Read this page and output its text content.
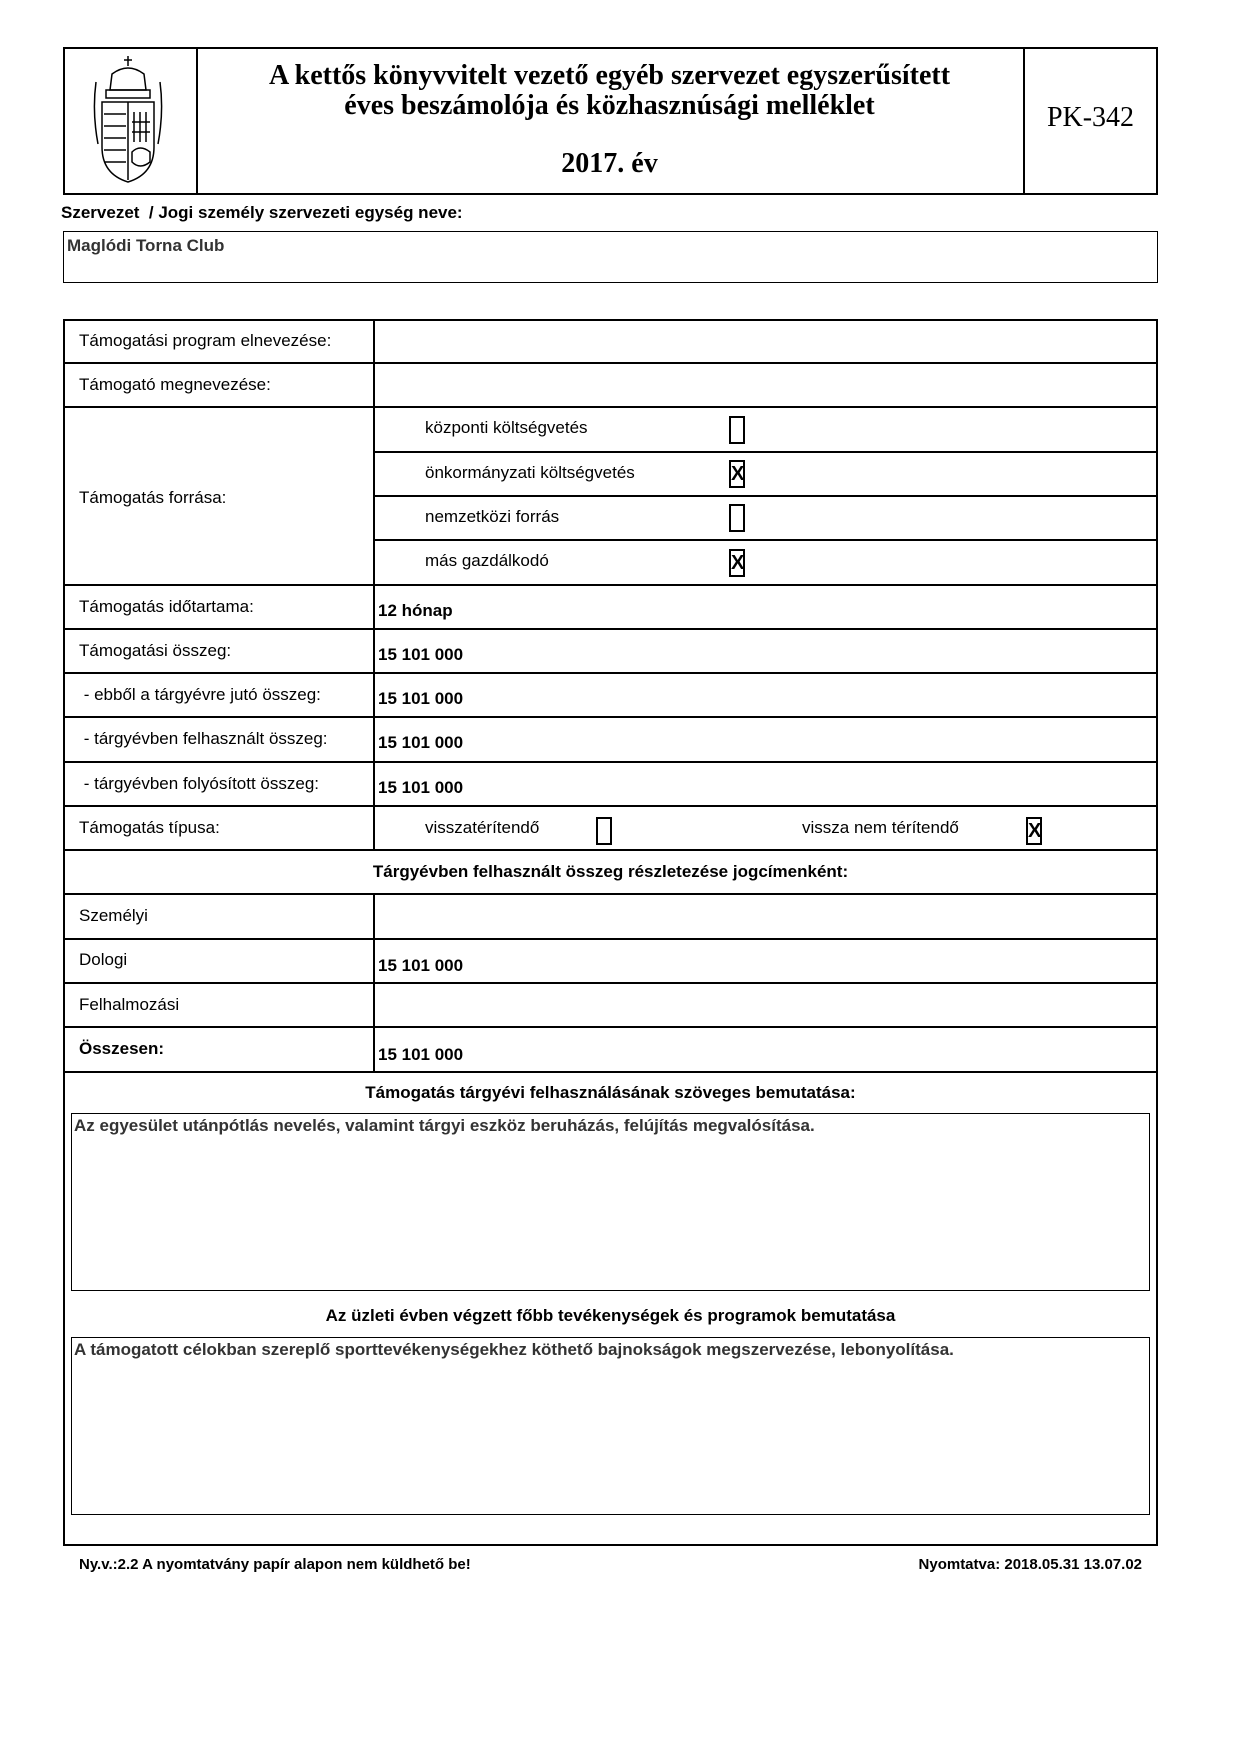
A kettős könyvvitelt vezető egyéb szervezet egyszerűsített
éves beszámolója és közhasznúsági melléklet
2017. év
PK-342
Szervezet  / Jogi személy szervezeti egység neve:
Maglódi Torna Club
Támogatási program elnevezése:
Támogató megnevezése:
Támogatás forrása:
központi költségvetés
önkormányzati költségvetés	X
nemzetközi forrás
más gazdálkodó	X
Támogatás időtartama:	12 hónap
Támogatási összeg:	15 101 000
- ebből a tárgyévre jutó összeg:	15 101 000
- tárgyévben felhasznált összeg:	15 101 000
- tárgyévben folyósított összeg:	15 101 000
Támogatás típusa:	visszatérítendő	vissza nem térítendő	X
Tárgyévben felhasznált összeg részletezése jogcímenként:
Személyi
Dologi	15 101 000
Felhalmozási
Összesen:	15 101 000
Támogatás tárgyévi felhasználásának szöveges bemutatása:
Az egyesület utánpótlás nevelés, valamint tárgyi eszköz beruházás, felújítás megvalósítása.
Az üzleti évben végzett főbb tevékenységek és programok bemutatása
A támogatott célokban szereplő sporttevékenységekhez köthető bajnokságok megszervezése, lebonyolítása.
Ny.v.:2.2 A nyomtatvány papír alapon nem küldhető be!	Nyomtatva: 2018.05.31 13.07.02
